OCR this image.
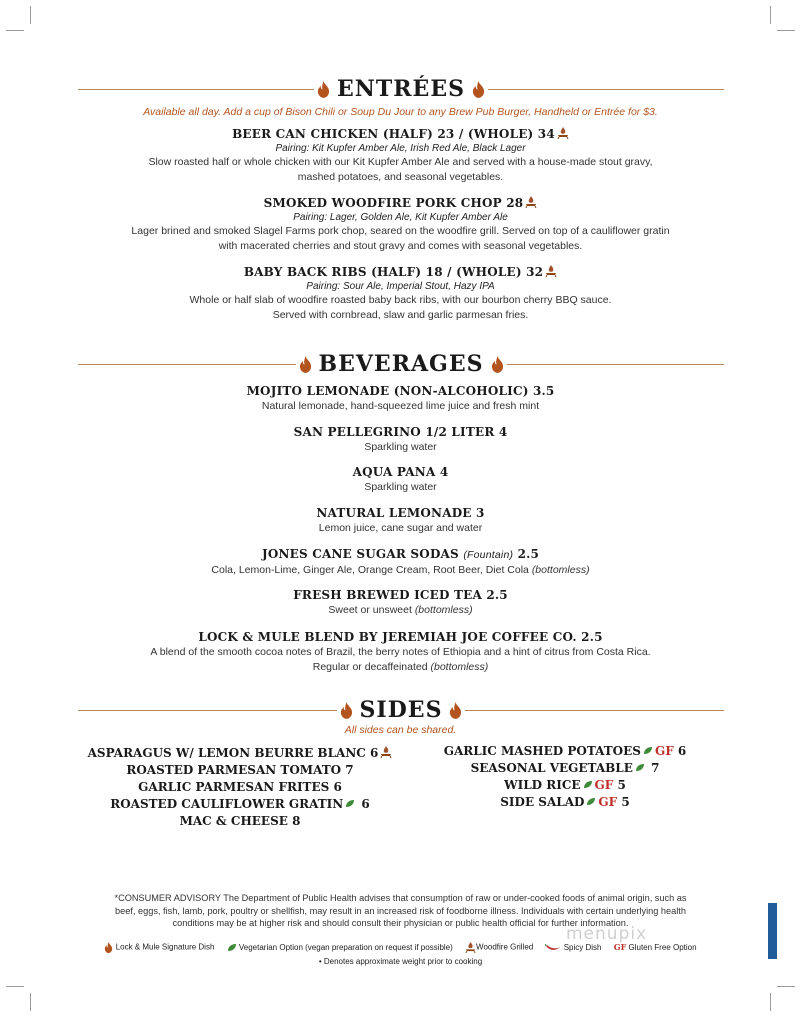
ENTRÉES
Available all day. Add a cup of Bison Chili or Soup Du Jour to any Brew Pub Burger, Handheld or Entrée for $3.
BEER CAN CHICKEN (HALF) 23 / (WHOLE) 34
Pairing: Kit Kupfer Amber Ale, Irish Red Ale, Black Lager
Slow roasted half or whole chicken with our Kit Kupfer Amber Ale and served with a house-made stout gravy,
mashed potatoes, and seasonal vegetables.
SMOKED WOODFIRE PORK CHOP 28
Pairing: Lager, Golden Ale, Kit Kupfer Amber Ale
Lager brined and smoked Slagel Farms pork chop, seared on the woodfire grill. Served on top of a cauliflower gratin
with macerated cherries and stout gravy and comes with seasonal vegetables.
BABY BACK RIBS (HALF) 18 / (WHOLE) 32
Pairing: Sour Ale, Imperial Stout, Hazy IPA
Whole or half slab of woodfire roasted baby back ribs, with our bourbon cherry BBQ sauce.
Served with cornbread, slaw and garlic parmesan fries.
BEVERAGES
MOJITO LEMONADE (NON-ALCOHOLIC) 3.5
Natural lemonade, hand-squeezed lime juice and fresh mint
SAN PELLEGRINO 1/2 LITER 4
Sparkling water
AQUA PANA 4
Sparkling water
NATURAL LEMONADE 3
Lemon juice, cane sugar and water
JONES CANE SUGAR SODAS (Fountain) 2.5
Cola, Lemon-Lime, Ginger Ale, Orange Cream, Root Beer, Diet Cola (bottomless)
FRESH BREWED ICED TEA 2.5
Sweet or unsweet (bottomless)
LOCK & MULE BLEND BY JEREMIAH JOE COFFEE CO. 2.5
A blend of the smooth cocoa notes of Brazil, the berry notes of Ethiopia and a hint of citrus from Costa Rica.
Regular or decaffeinated (bottomless)
SIDES
All sides can be shared.
ASPARAGUS W/ LEMON BEURRE BLANC 6
ROASTED PARMESAN TOMATO 7
GARLIC PARMESAN FRITES 6
ROASTED CAULIFLOWER GRATIN 6
MAC & CHEESE 8
GARLIC MASHED POTATOES GF 6
SEASONAL VEGETABLE 7
WILD RICE GF 5
SIDE SALAD GF 5
*CONSUMER ADVISORY The Department of Public Health advises that consumption of raw or under-cooked foods of animal origin, such as
beef, eggs, fish, lamb, pork, poultry or shellfish, may result in an increased risk of foodborne illness. Individuals with certain underlying health
conditions may be at higher risk and should consult their physician or public health official for further information.
menupix
Lock & Mule Signature Dish	Vegetarian Option (vegan preparation on request if possible)	Woodfire Grilled	Spicy Dish GF Gluten Free Option
• Denotes approximate weight prior to cooking
